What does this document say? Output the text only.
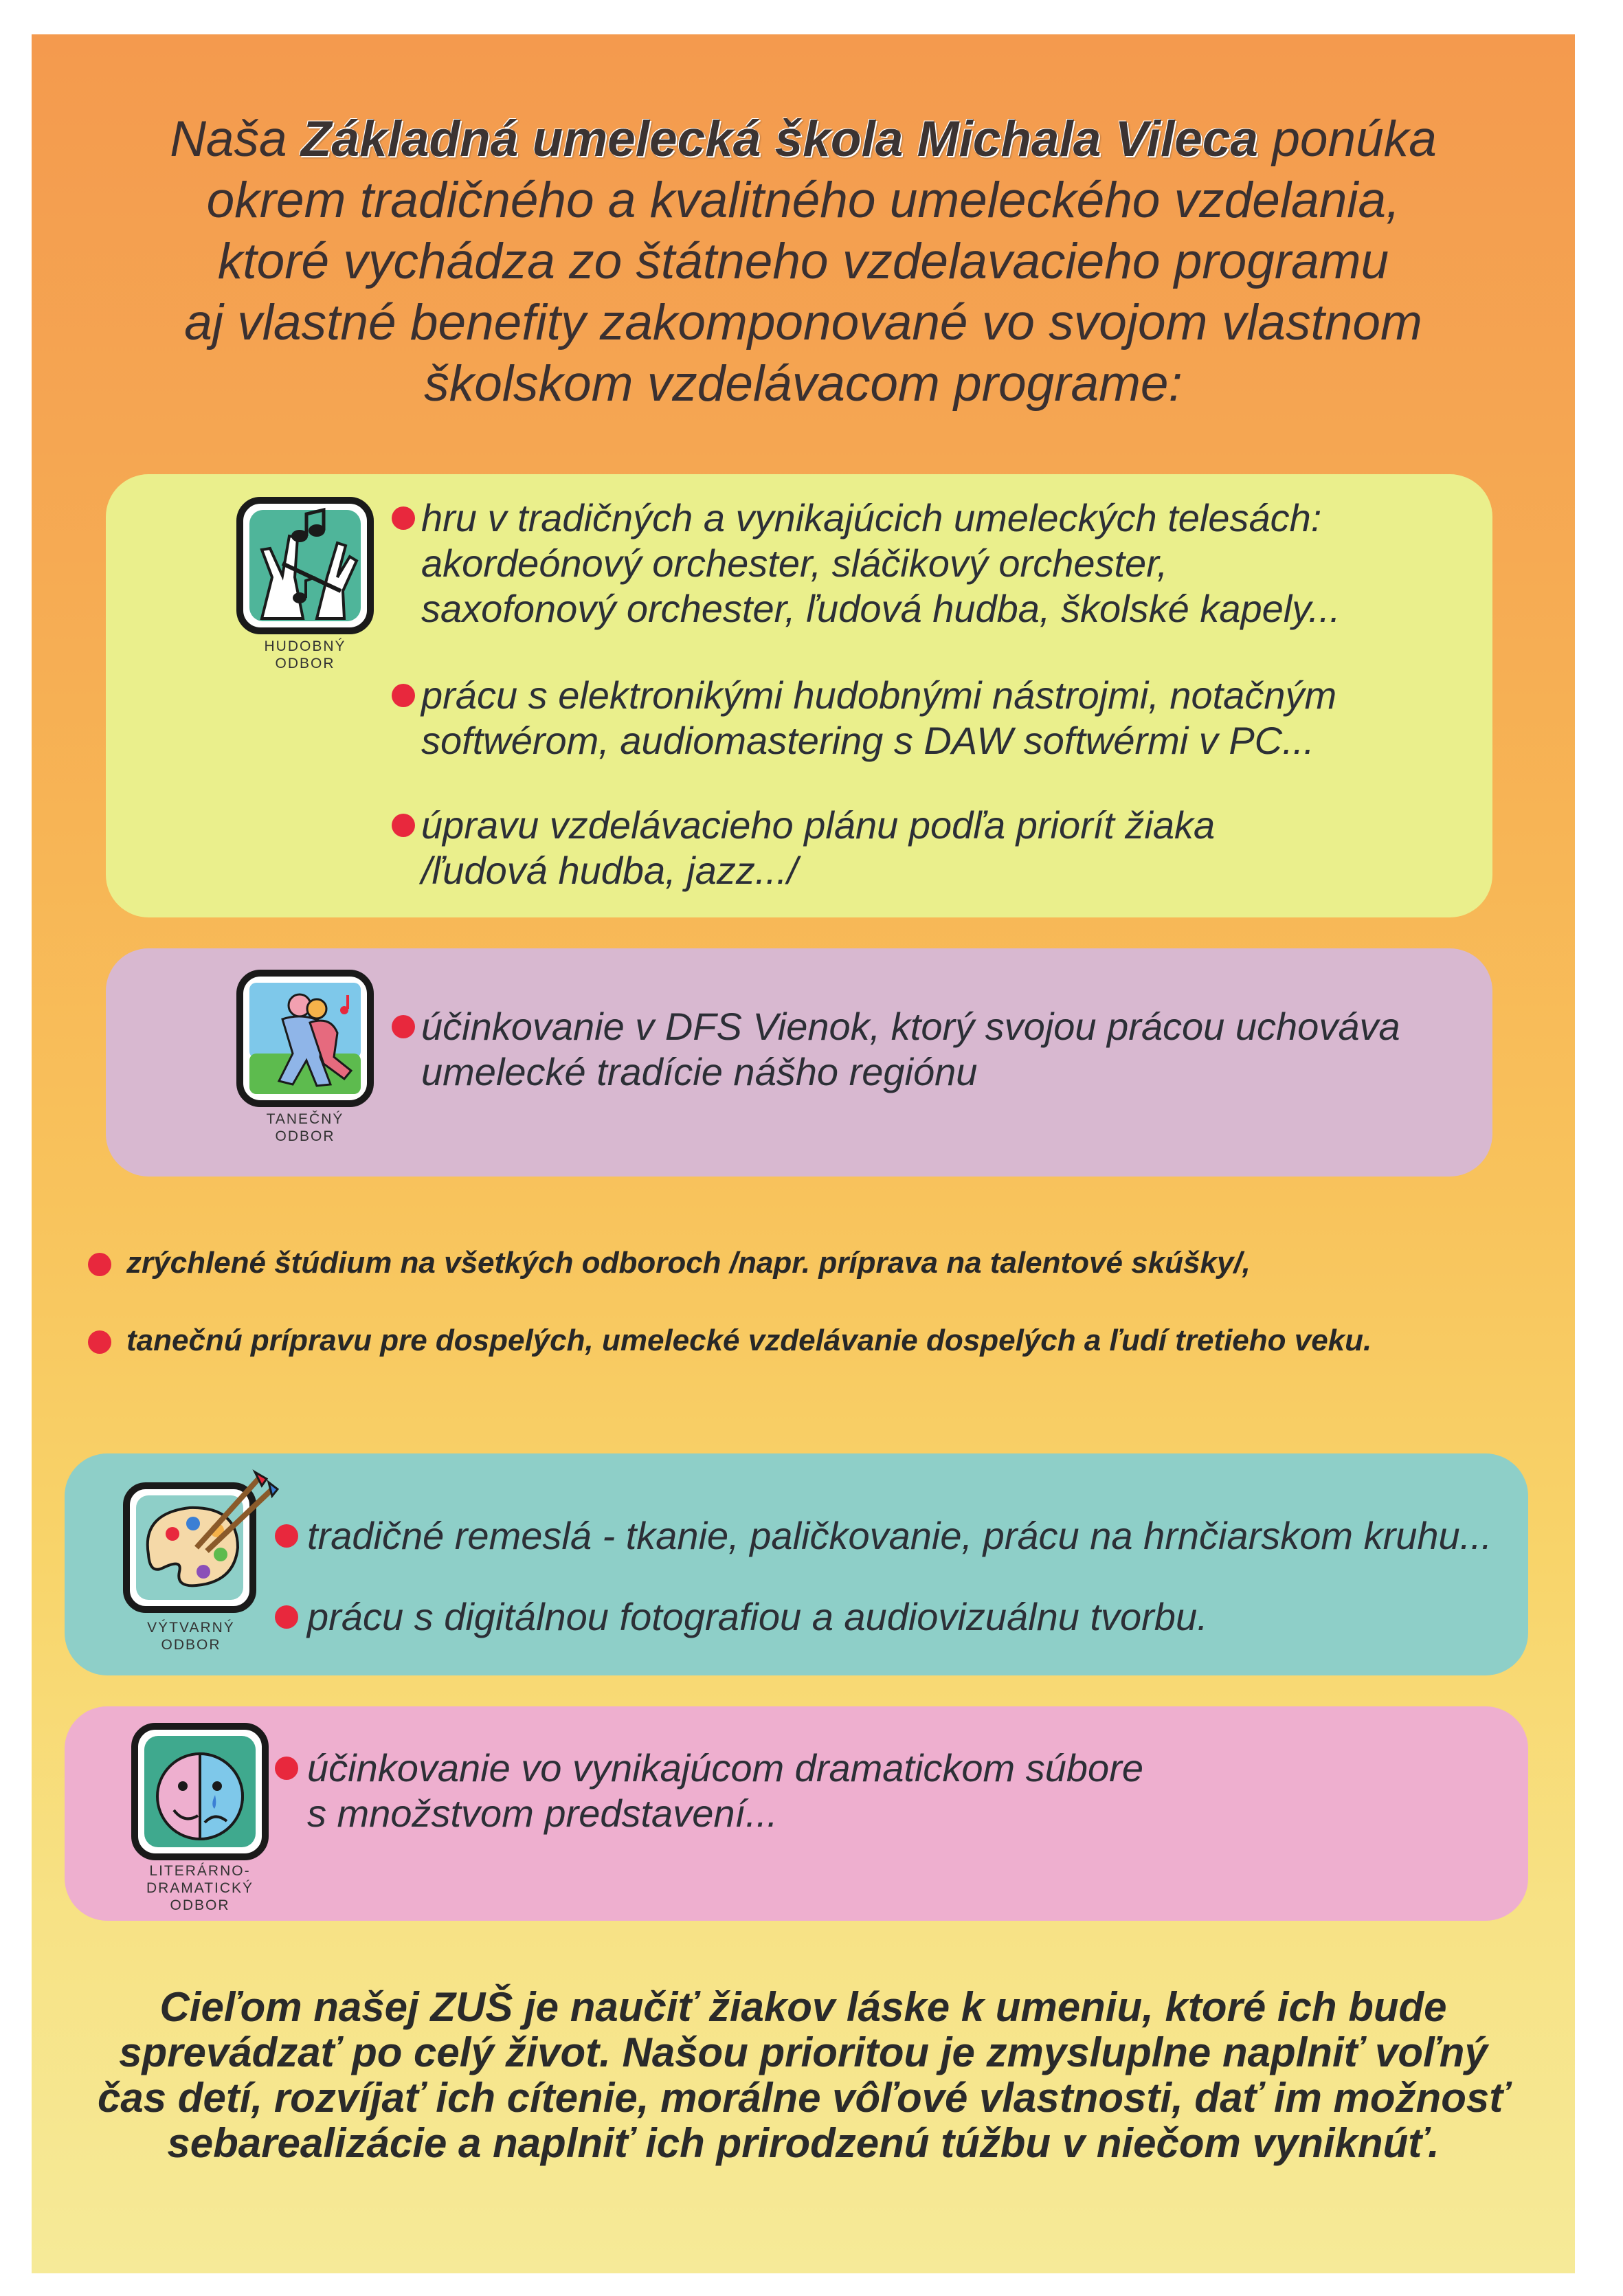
Naša Základná umelecká škola Michala Vileca ponúka
okrem tradičného a kvalitného umeleckého vzdelania,
ktoré vychádza zo štátneho vzdelavacieho programu
aj vlastné benefity zakomponované vo svojom vlastnom
školskom vzdelávacom programe:
HUDOBNÝ
ODBOR
hru v tradičných a vynikajúcich umeleckých telesách:
akordeónový orchester, sláčikový orchester,
saxofonový orchester, ľudová hudba, školské kapely...
prácu s elektronikými hudobnými nástrojmi, notačným
softwérom, audiomastering s DAW softwérmi v PC...
úpravu vzdelávacieho plánu podľa priorít žiaka
/ľudová hudba, jazz.../
TANEČNÝ
ODBOR
účinkovanie v DFS Vienok, ktorý svojou prácou uchováva
umelecké tradície nášho regiónu
zrýchlené štúdium na všetkých odboroch /napr. príprava na talentové skúšky/,
tanečnú prípravu pre dospelých, umelecké vzdelávanie dospelých a ľudí tretieho veku.
VÝTVARNÝ
ODBOR
tradičné remeslá - tkanie, paličkovanie, prácu na hrnčiarskom kruhu...
prácu s digitálnou fotografiou a audiovizuálnu tvorbu.
LITERÁRNO-
DRAMATICKÝ
ODBOR
účinkovanie vo vynikajúcom dramatickom súbore
s množstvom predstavení...
Cieľom našej ZUŠ je naučiť žiakov láske k umeniu, ktoré ich bude
sprevádzať po celý život. Našou prioritou je zmysluplne naplniť voľný
čas detí, rozvíjať ich cítenie, morálne vôľové vlastnosti, dať im možnosť
sebarealizácie a naplniť ich prirodzenú túžbu v niečom vyniknúť.
